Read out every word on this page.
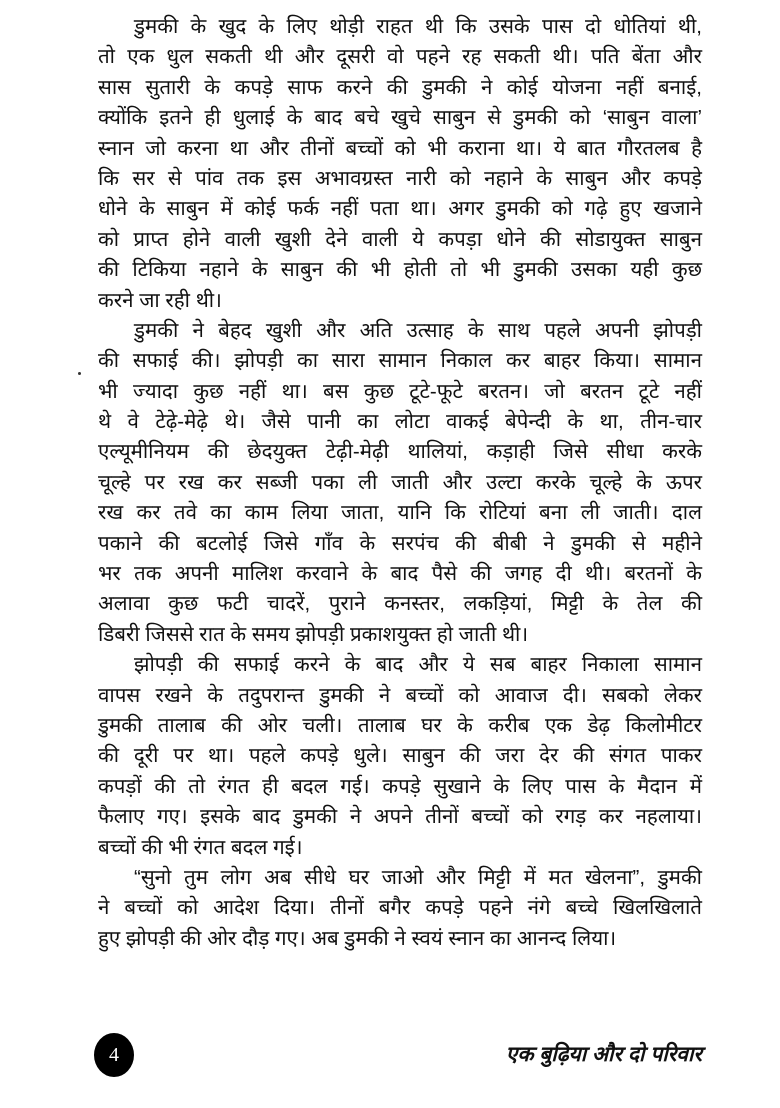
डुमकी के खुद के लिए थोड़ी राहत थी कि उसके पास दो धोतियां थी,
तो एक धुल सकती थी और दूसरी वो पहने रह सकती थी। पति बेंता और
सास सुतारी के कपड़े साफ करने की डुमकी ने कोई योजना नहीं बनाई,
क्योंकि इतने ही धुलाई के बाद बचे खुचे साबुन से डुमकी को ‘साबुन वाला’
स्नान जो करना था और तीनों बच्चों को भी कराना था। ये बात गौरतलब है
कि सर से पांव तक इस अभावग्रस्त नारी को नहाने के साबुन और कपड़े
धोने के साबुन में कोई फर्क नहीं पता था। अगर डुमकी को गढ़े हुए खजाने
को प्राप्त होने वाली खुशी देने वाली ये कपड़ा धोने की सोडायुक्त साबुन
की टिकिया नहाने के साबुन की भी होती तो भी डुमकी उसका यही कुछ
करने जा रही थी।
डुमकी ने बेहद खुशी और अति उत्साह के साथ पहले अपनी झोपड़ी
की सफाई की। झोपड़ी का सारा सामान निकाल कर बाहर किया। सामान
भी ज्यादा कुछ नहीं था। बस कुछ टूटे-फूटे बरतन। जो बरतन टूटे नहीं
थे वे टेढ़े-मेढ़े थे। जैसे पानी का लोटा वाकई बेपेन्दी के था, तीन-चार
एल्यूमीनियम की छेदयुक्त टेढ़ी-मेढ़ी थालियां, कड़ाही जिसे सीधा करके
चूल्हे पर रख कर सब्जी पका ली जाती और उल्टा करके चूल्हे के ऊपर
रख कर तवे का काम लिया जाता, यानि कि रोटियां बना ली जाती। दाल
पकाने की बटलोई जिसे गाँव के सरपंच की बीबी ने डुमकी से महीने
भर तक अपनी मालिश करवाने के बाद पैसे की जगह दी थी। बरतनों के
अलावा कुछ फटी चादरें, पुराने कनस्तर, लकड़ियां, मिट्टी के तेल की
डिबरी जिससे रात के समय झोपड़ी प्रकाशयुक्त हो जाती थी।
झोपड़ी की सफाई करने के बाद और ये सब बाहर निकाला सामान
वापस रखने के तदुपरान्त डुमकी ने बच्चों को आवाज दी। सबको लेकर
डुमकी तालाब की ओर चली। तालाब घर के करीब एक डेढ़ किलोमीटर
की दूरी पर था। पहले कपड़े धुले। साबुन की जरा देर की संगत पाकर
कपड़ों की तो रंगत ही बदल गई। कपड़े सुखाने के लिए पास के मैदान में
फैलाए गए। इसके बाद डुमकी ने अपने तीनों बच्चों को रगड़ कर नहलाया।
बच्चों की भी रंगत बदल गई।
“सुनो तुम लोग अब सीधे घर जाओ और मिट्टी में मत खेलना”, डुमकी
ने बच्चों को आदेश दिया। तीनों बगैर कपड़े पहने नंगे बच्चे खिलखिलाते
हुए झोपड़ी की ओर दौड़ गए। अब डुमकी ने स्वयं स्नान का आनन्द लिया।
4	एक बुढ़िया और दो परिवार
